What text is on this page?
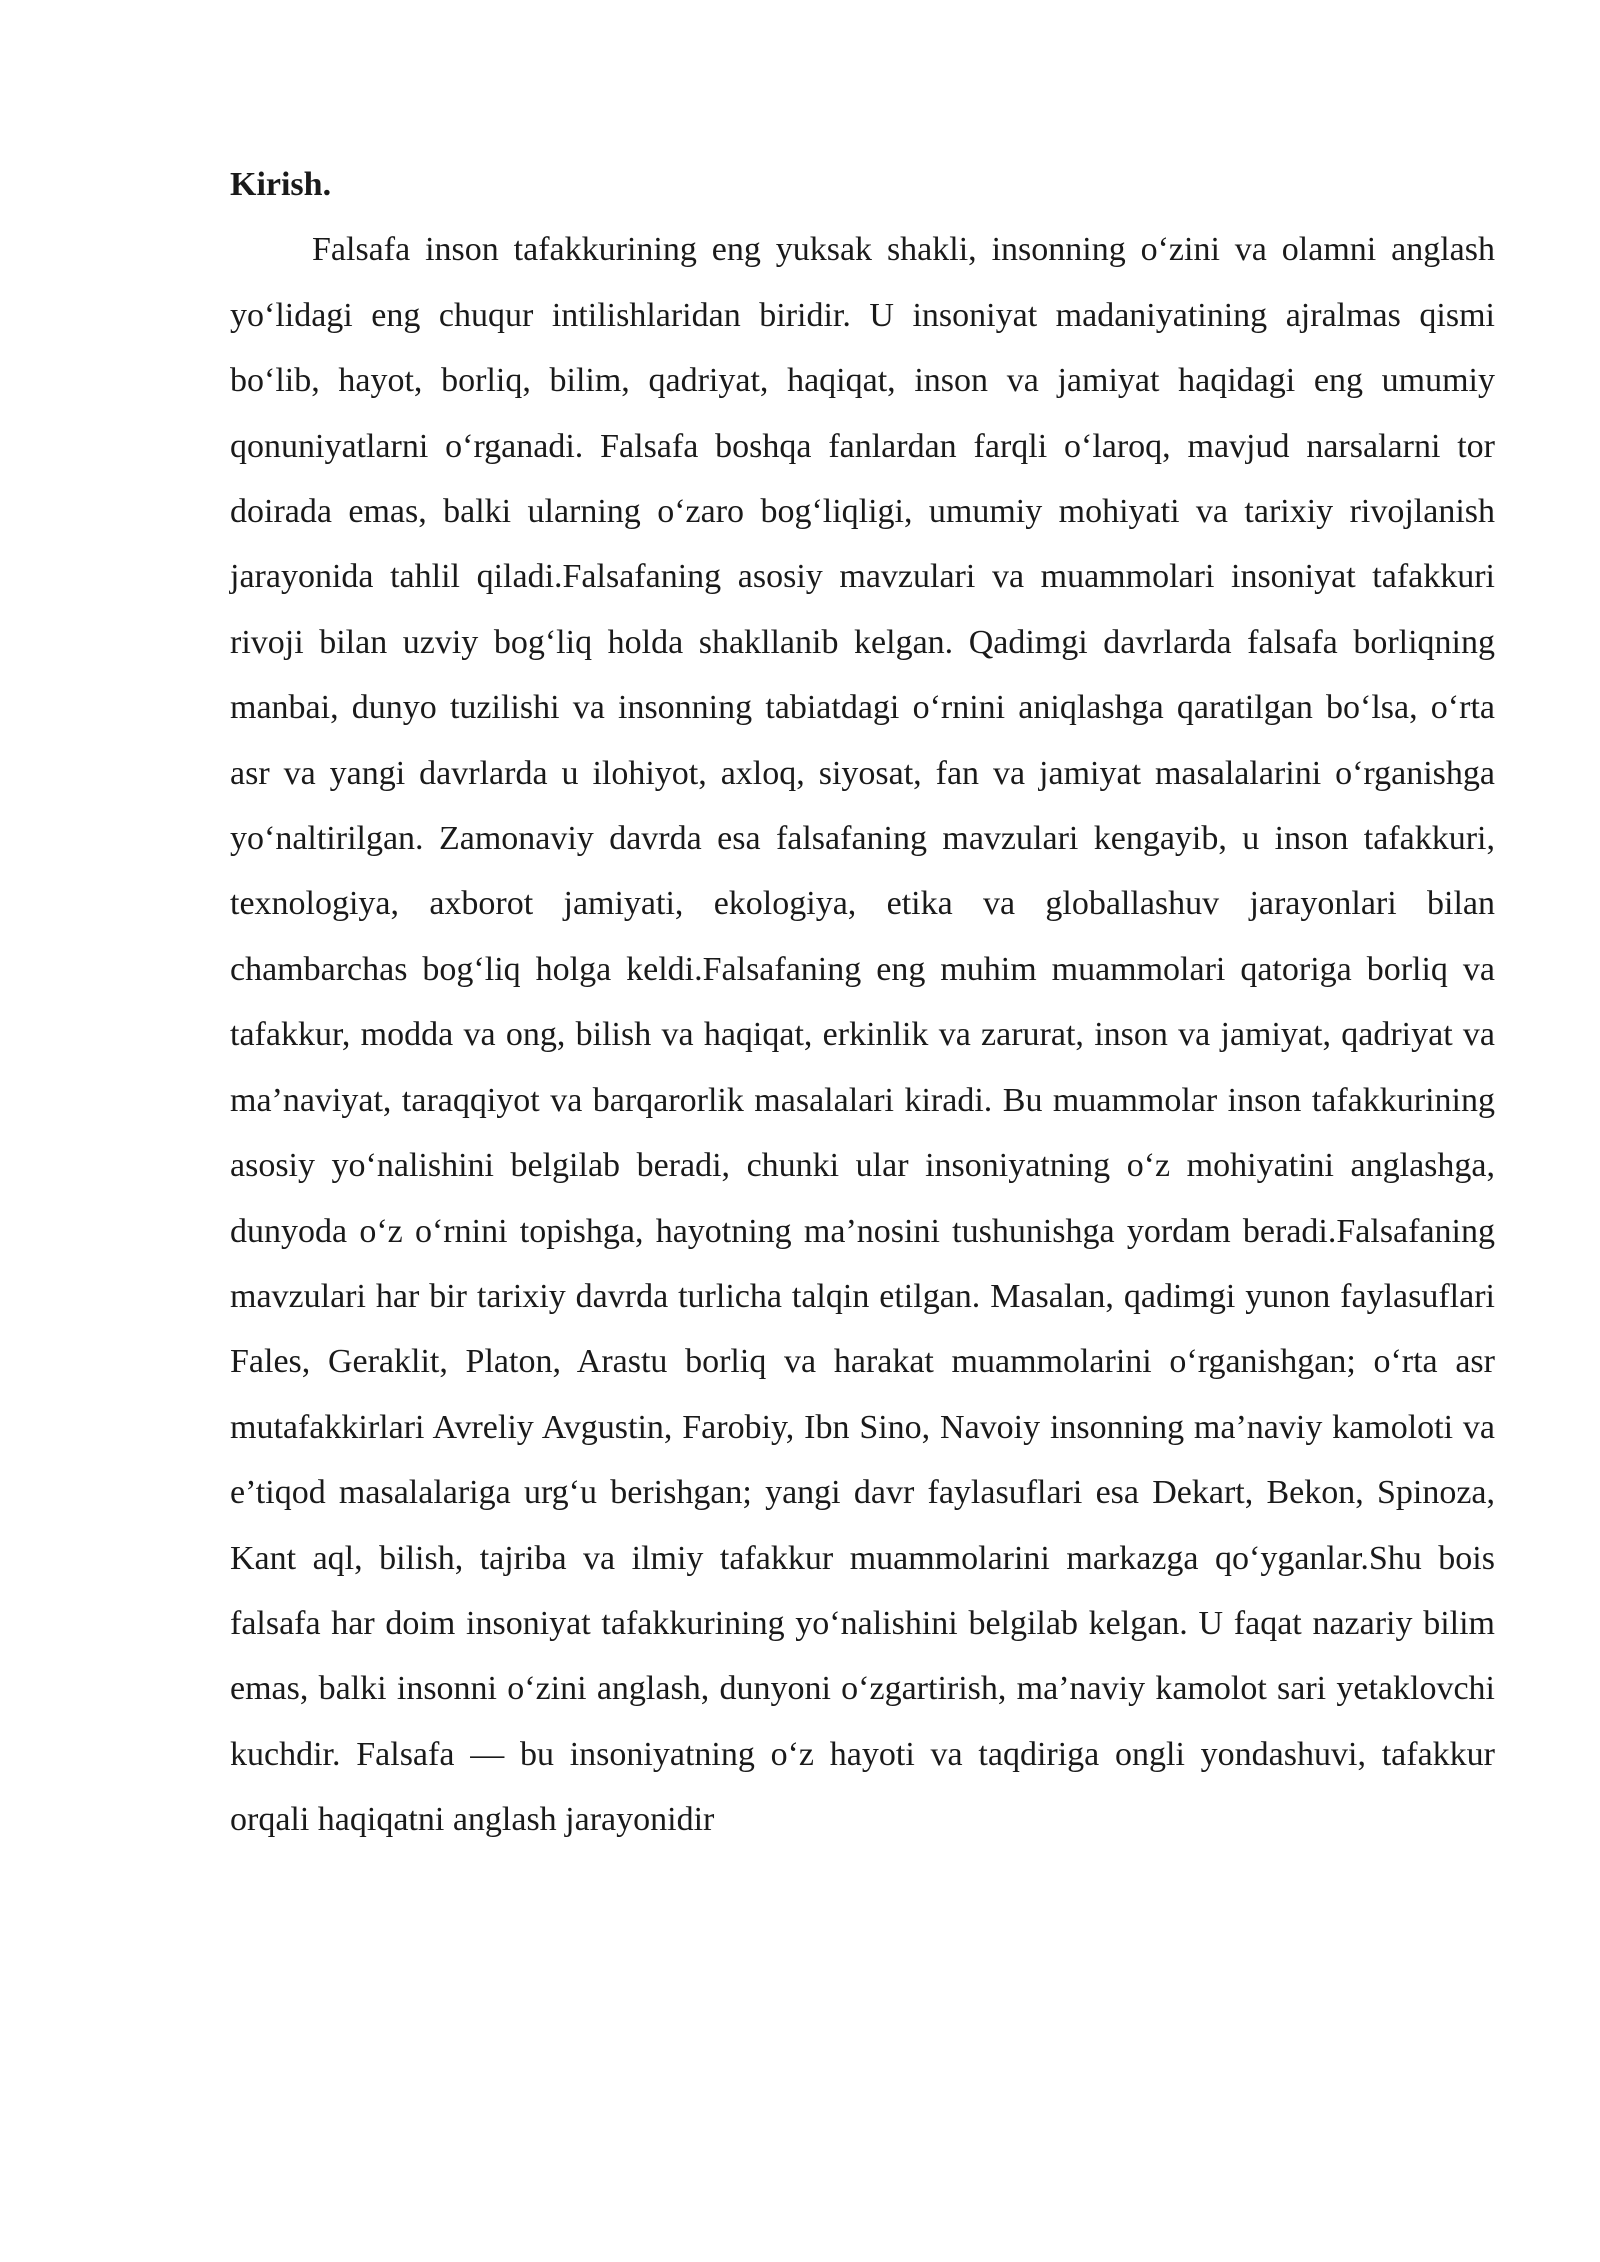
Kirish.

Falsafa inson tafakkurining eng yuksak shakli, insonning o‘zini va olamni anglash yo‘lidagi eng chuqur intilishlaridan biridir. U insoniyat madaniyatining ajralmas qismi bo‘lib, hayot, borliq, bilim, qadriyat, haqiqat, inson va jamiyat haqidagi eng umumiy qonuniyatlarni o‘rganadi. Falsafa boshqa fanlardan farqli o‘laroq, mavjud narsalarni tor doirada emas, balki ularning o‘zaro bog‘liqligi, umumiy mohiyati va tarixiy rivojlanish jarayonida tahlil qiladi.Falsafaning asosiy mavzulari va muammolari insoniyat tafakkuri rivoji bilan uzviy bog‘liq holda shakllanib kelgan. Qadimgi davrlarda falsafa borliqning manbai, dunyo tuzilishi va insonning tabiatdagi o‘rnini aniqlashga qaratilgan bo‘lsa, o‘rta asr va yangi davrlarda u ilohiyot, axloq, siyosat, fan va jamiyat masalalarini o‘rganishga yo‘naltirilgan. Zamonaviy davrda esa falsafaning mavzulari kengayib, u inson tafakkuri, texnologiya, axborot jamiyati, ekologiya, etika va globallashuv jarayonlari bilan chambarchas bog‘liq holga keldi.Falsafaning eng muhim muammolari qatoriga borliq va tafakkur, modda va ong, bilish va haqiqat, erkinlik va zarurat, inson va jamiyat, qadriyat va ma’naviyat, taraqqiyot va barqarorlik masalalari kiradi. Bu muammolar inson tafakkurining asosiy yo‘nalishini belgilab beradi, chunki ular insoniyatning o‘z mohiyatini anglashga, dunyoda o‘z o‘rnini topishga, hayotning ma’nosini tushunishga yordam beradi.Falsafaning mavzulari har bir tarixiy davrda turlicha talqin etilgan. Masalan, qadimgi yunon faylasuflari Fales, Geraklit, Platon, Arastu borliq va harakat muammolarini o‘rganishgan; o‘rta asr mutafakkirlari Avreliy Avgustin, Farobiy, Ibn Sino, Navoiy insonning ma’naviy kamoloti va e’tiqod masalalariga urg‘u berishgan; yangi davr faylasuflari esa Dekart, Bekon, Spinoza, Kant aql, bilish, tajriba va ilmiy tafakkur muammolarini markazga qo‘yganlar.Shu bois falsafa har doim insoniyat tafakkurining yo‘nalishini belgilab kelgan. U faqat nazariy bilim emas, balki insonni o‘zini anglash, dunyoni o‘zgartirish, ma’naviy kamolot sari yetaklovchi kuchdir. Falsafa — bu insoniyatning o‘z hayoti va taqdiriga ongli yondashuvi, tafakkur orqali haqiqatni anglash jarayonidir
